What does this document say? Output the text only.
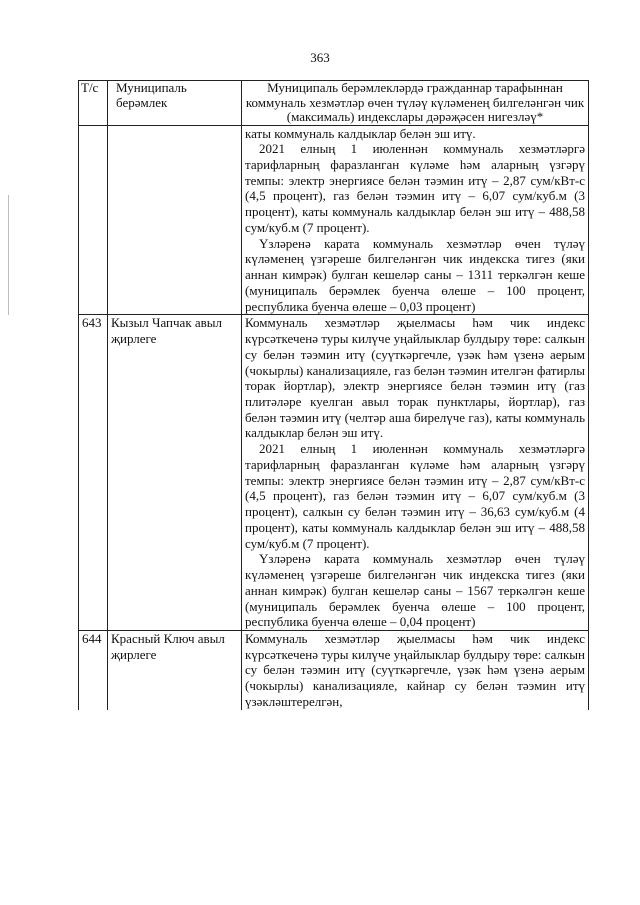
363
Т/с	Муниципаль берәмлек	Муниципаль берәмлекләрдә гражданнар тарафыннан коммуналь хезмәтләр өчен түләү күләменең билгеләнгән чик (максималь) индекслары дәрәҗәсен нигезләү*

		каты коммуналь калдыклар белән эш итү.

2021 елның 1 июленнән коммуналь хезмәтләргә тарифларның фаразланган күләме һәм аларның үзгәрү темпы: электр энергиясе белән тәэмин итү – 2,87 сум/кВт-с (4,5 процент), газ белән тәэмин итү – 6,07 сум/куб.м (3 процент), каты коммуналь калдыклар белән эш итү – 488,58 сум/куб.м (7 процент).

Үзләренә карата коммуналь хезмәтләр өчен түләү күләменең үзгәреше билгеләнгән чик индекска тигез (яки аннан кимрәк) булган кешеләр саны – 1311 теркәлгән кеше (муниципаль берәмлек буенча өлеше – 100 процент, республика буенча өлеше – 0,03 процент)

643	Кызыл Чапчак авыл җирлеге	Коммуналь хезмәтләр җыелмасы һәм чик индекс күрсәткеченә туры килүче уңайлыклар булдыру төре: салкын су белән тәэмин итү (суүткәргечле, үзәк һәм үзенә аерым (чокырлы) канализацияле, газ белән тәэмин ителгән фатирлы торак йортлар), электр энергиясе белән тәэмин итү (газ плитәләре куелган авыл торак пунктлары, йортлар), газ белән тәэмин итү (челтәр аша бирелүче газ), каты коммуналь калдыклар белән эш итү.

2021 елның 1 июленнән коммуналь хезмәтләргә тарифларның фаразланган күләме һәм аларның үзгәрү темпы: электр энергиясе белән тәэмин итү – 2,87 сум/кВт-с (4,5 процент), газ белән тәэмин итү – 6,07 сум/куб.м (3 процент), салкын су белән тәэмин итү – 36,63 сум/куб.м (4 процент), каты коммуналь калдыклар белән эш итү – 488,58 сум/куб.м (7 процент).

Үзләренә карата коммуналь хезмәтләр өчен түләү күләменең үзгәреше билгеләнгән чик индекска тигез (яки аннан кимрәк) булган кешеләр саны – 1567 теркәлгән кеше (муниципаль берәмлек буенча өлеше – 100 процент, республика буенча өлеше – 0,04 процент)

644	Красный Ключ авыл җирлеге	Коммуналь хезмәтләр җыелмасы һәм чик индекс күрсәткеченә туры килүче уңайлыклар булдыру төре: салкын су белән тәэмин итү (суүткәргечле, үзәк һәм үзенә аерым (чокырлы) канализацияле, кайнар су белән тәэмин итү үзәкләштерелгән,
